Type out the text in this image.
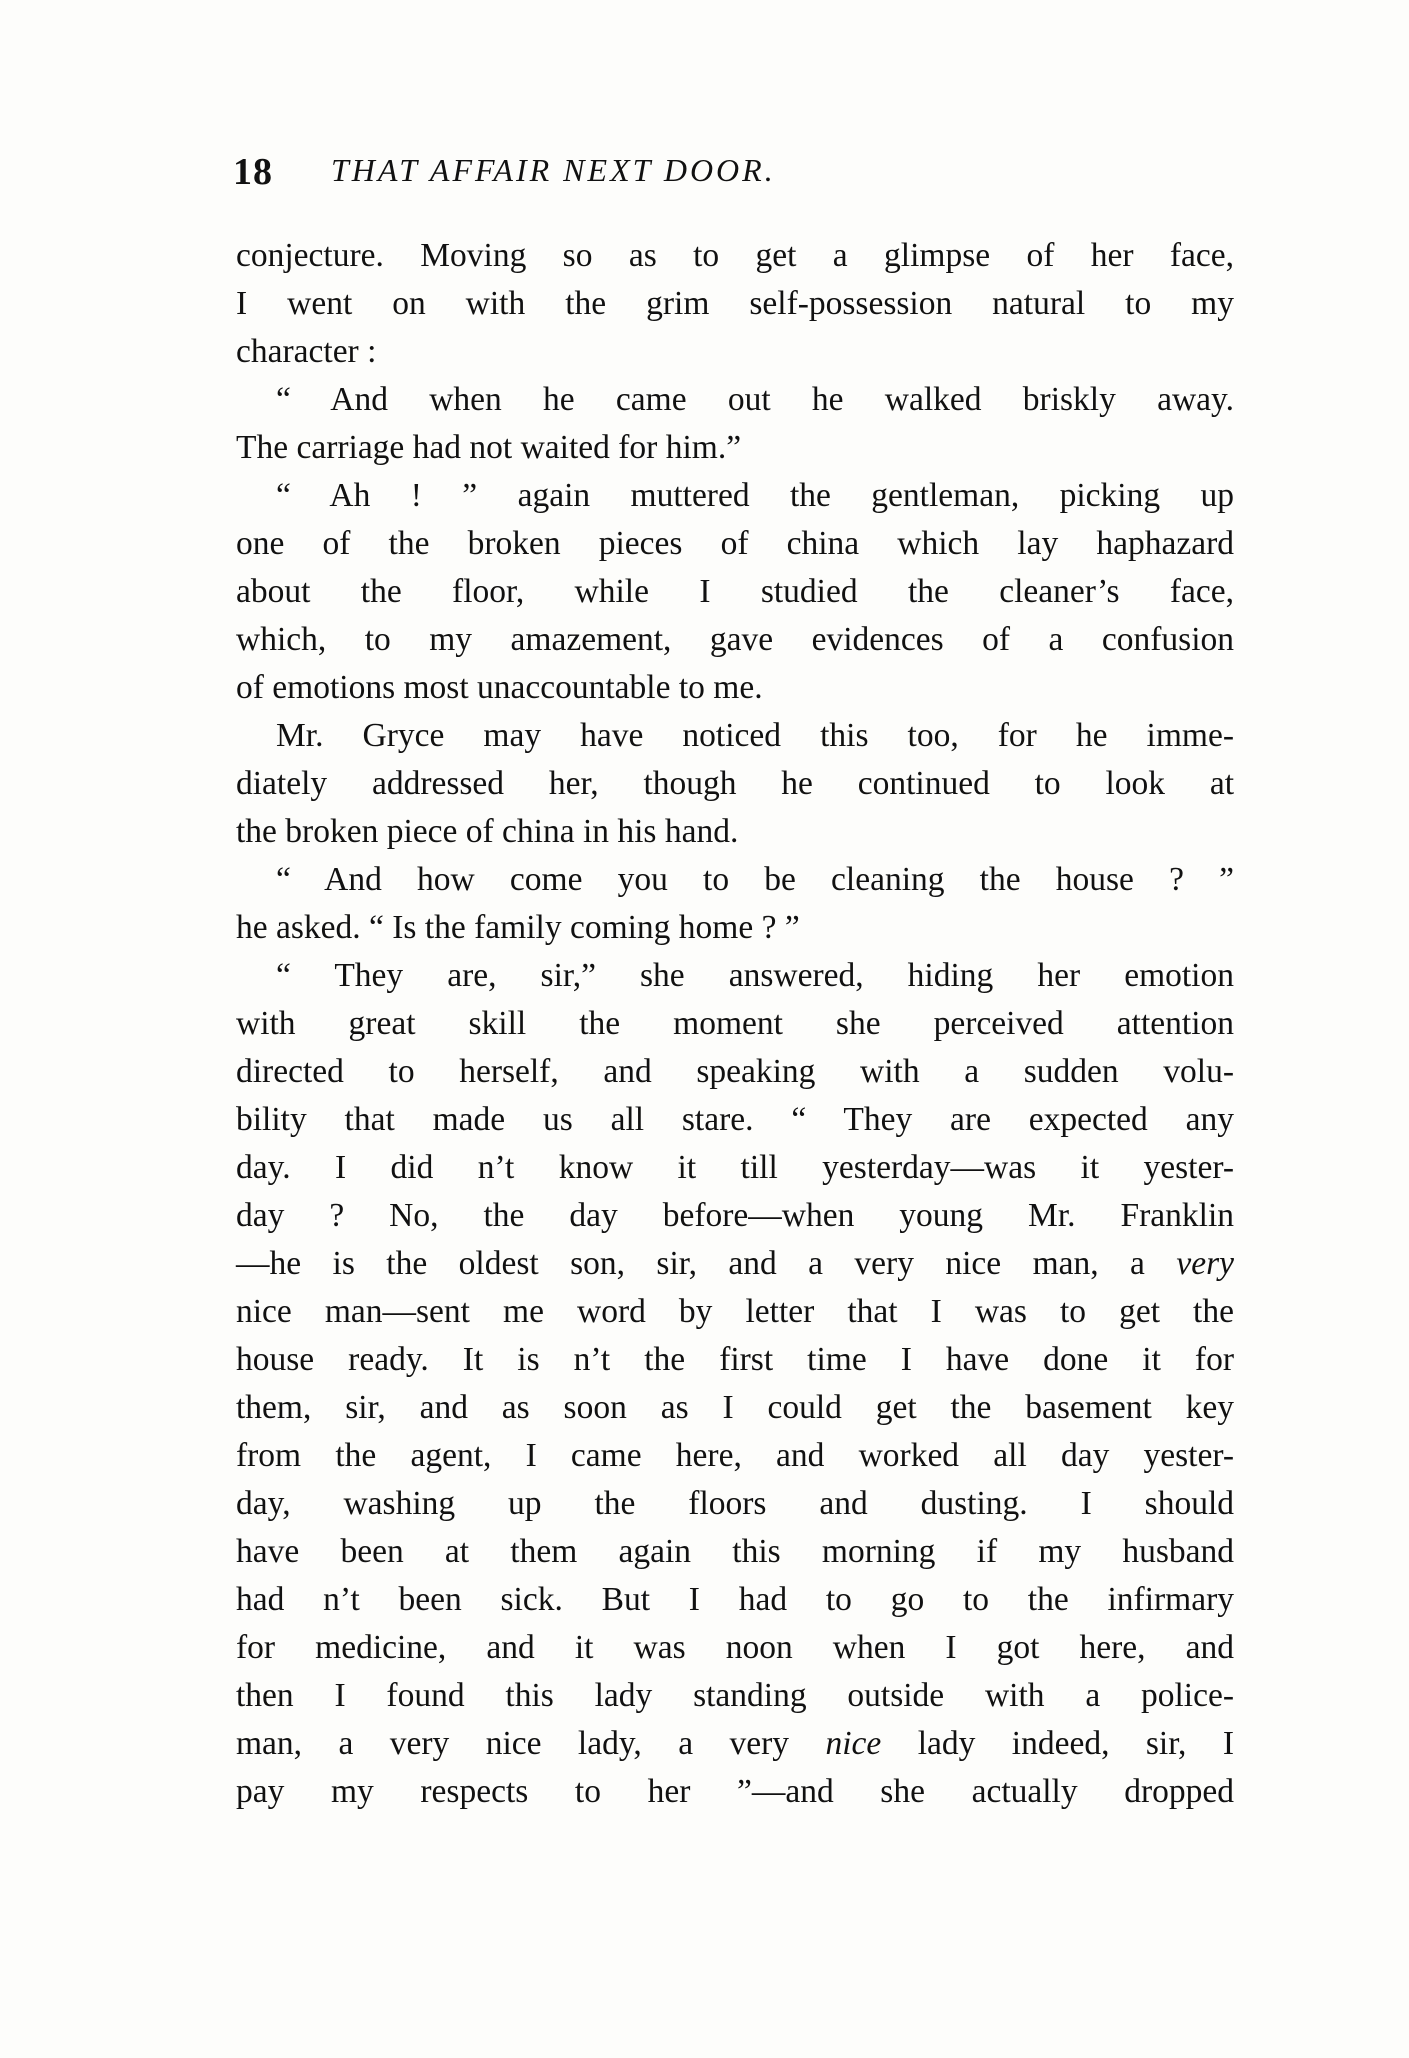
18 THAT AFFAIR NEXT DOOR.
conjecture. Moving so as to get a glimpse of her face,
I went on with the grim self-possession natural to my
character :
“ And when he came out he walked briskly away.
The carriage had not waited for him.”
“ Ah ! ” again muttered the gentleman, picking up
one of the broken pieces of china which lay haphazard
about the floor, while I studied the cleaner’s face,
which, to my amazement, gave evidences of a confusion
of emotions most unaccountable to me.
Mr. Gryce may have noticed this too, for he imme-
diately addressed her, though he continued to look at
the broken piece of china in his hand.
“ And how come you to be cleaning the house ? ”
he asked. “ Is the family coming home ? ”
“ They are, sir,” she answered, hiding her emotion
with great skill the moment she perceived attention
directed to herself, and speaking with a sudden volu-
bility that made us all stare. “ They are expected any
day. I did n’t know it till yesterday—was it yester-
day ? No, the day before—when young Mr. Franklin
—he is the oldest son, sir, and a very nice man, a very
nice man—sent me word by letter that I was to get the
house ready. It is n’t the first time I have done it for
them, sir, and as soon as I could get the basement key
from the agent, I came here, and worked all day yester-
day, washing up the floors and dusting. I should
have been at them again this morning if my husband
had n’t been sick. But I had to go to the infirmary
for medicine, and it was noon when I got here, and
then I found this lady standing outside with a police-
man, a very nice lady, a very nice lady indeed, sir, I
pay my respects to her ”—and she actually dropped
